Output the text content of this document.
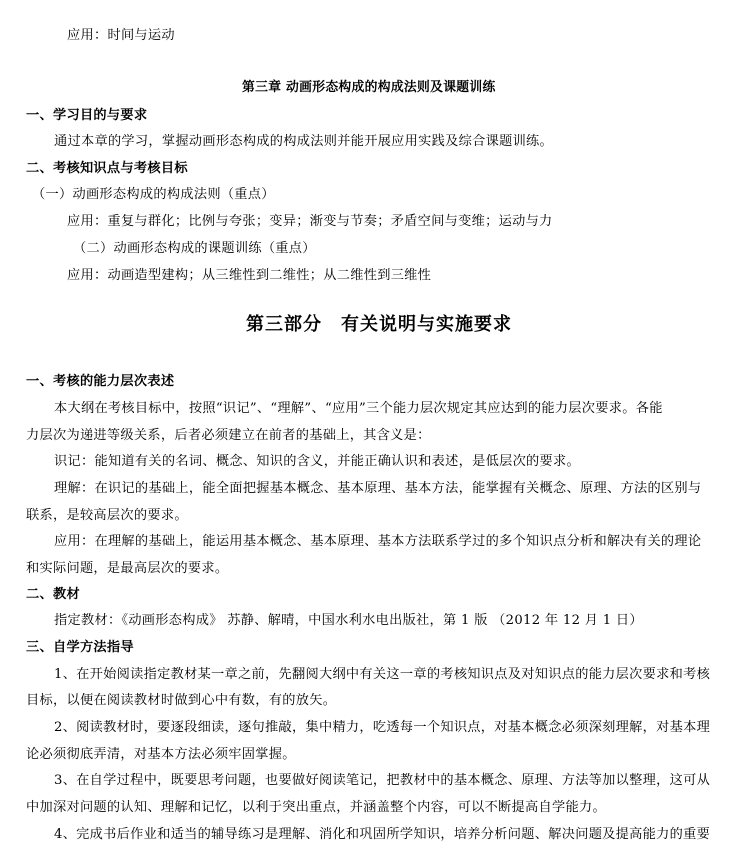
应用：时间与运动
第三章 动画形态构成的构成法则及课题训练
一、学习目的与要求
通过本章的学习，掌握动画形态构成的构成法则并能开展应用实践及综合课题训练。
二、考核知识点与考核目标
（一）动画形态构成的构成法则（重点）
应用：重复与群化；比例与夸张；变异；渐变与节奏；矛盾空间与变维；运动与力
（二）动画形态构成的课题训练（重点）
应用：动画造型建构；从三维性到二维性；从二维性到三维性
第三部分　有关说明与实施要求
一、考核的能力层次表述
本大纲在考核目标中，按照“识记”、“理解”、“应用”三个能力层次规定其应达到的能力层次要求。各能
力层次为递进等级关系，后者必须建立在前者的基础上，其含义是：
识记：能知道有关的名词、概念、知识的含义，并能正确认识和表述，是低层次的要求。
理解：在识记的基础上，能全面把握基本概念、基本原理、基本方法，能掌握有关概念、原理、方法的区别与
联系，是较高层次的要求。
应用：在理解的基础上，能运用基本概念、基本原理、基本方法联系学过的多个知识点分析和解决有关的理论
和实际问题，是最高层次的要求。
二、教材
指定教材：《动画形态构成》 苏静、解晴，中国水利水电出版社，第 1 版 （2012 年 12 月 1 日）
三、自学方法指导
1、在开始阅读指定教材某一章之前，先翻阅大纲中有关这一章的考核知识点及对知识点的能力层次要求和考核
目标，以便在阅读教材时做到心中有数，有的放矢。
2、阅读教材时，要逐段细读，逐句推敲，集中精力，吃透每一个知识点，对基本概念必须深刻理解，对基本理
论必须彻底弄清，对基本方法必须牢固掌握。
3、在自学过程中，既要思考问题，也要做好阅读笔记，把教材中的基本概念、原理、方法等加以整理，这可从
中加深对问题的认知、理解和记忆，以利于突出重点，并涵盖整个内容，可以不断提高自学能力。
4、完成书后作业和适当的辅导练习是理解、消化和巩固所学知识，培养分析问题、解决问题及提高能力的重要
